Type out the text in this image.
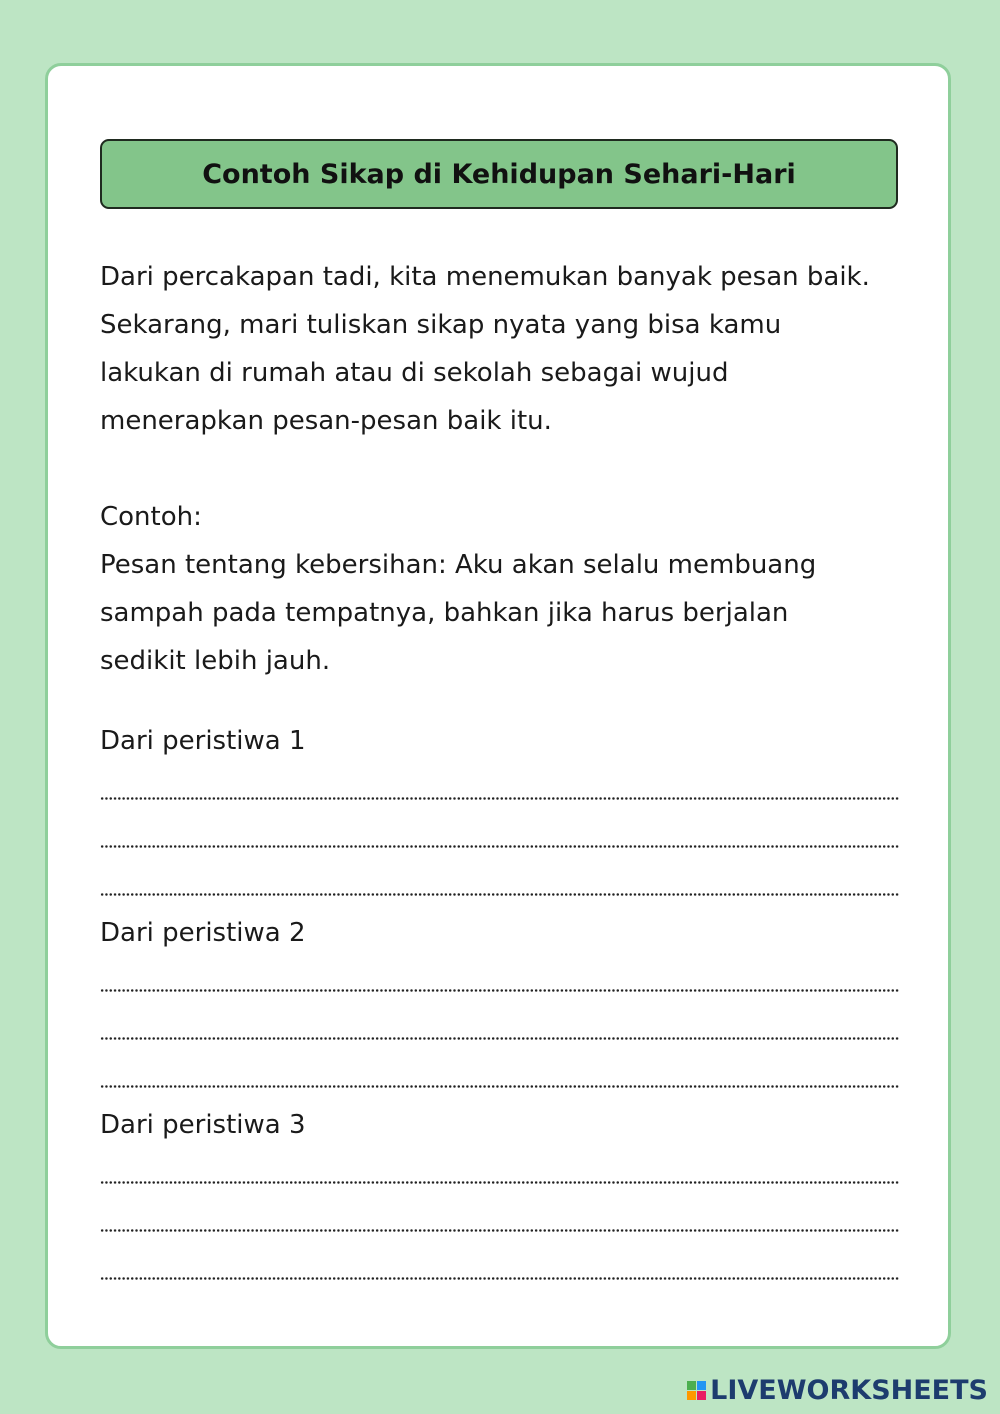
Contoh Sikap di Kehidupan Sehari-Hari

Dari percakapan tadi, kita menemukan banyak pesan baik.

Sekarang, mari tuliskan sikap nyata yang bisa kamu

lakukan di rumah atau di sekolah sebagai wujud

menerapkan pesan-pesan baik itu.

Contoh:

Pesan tentang kebersihan: Aku akan selalu membuang

sampah pada tempatnya, bahkan jika harus berjalan

sedikit lebih jauh.

Dari peristiwa 1

Dari peristiwa 2

Dari peristiwa 3

LIVEWORKSHEETS
